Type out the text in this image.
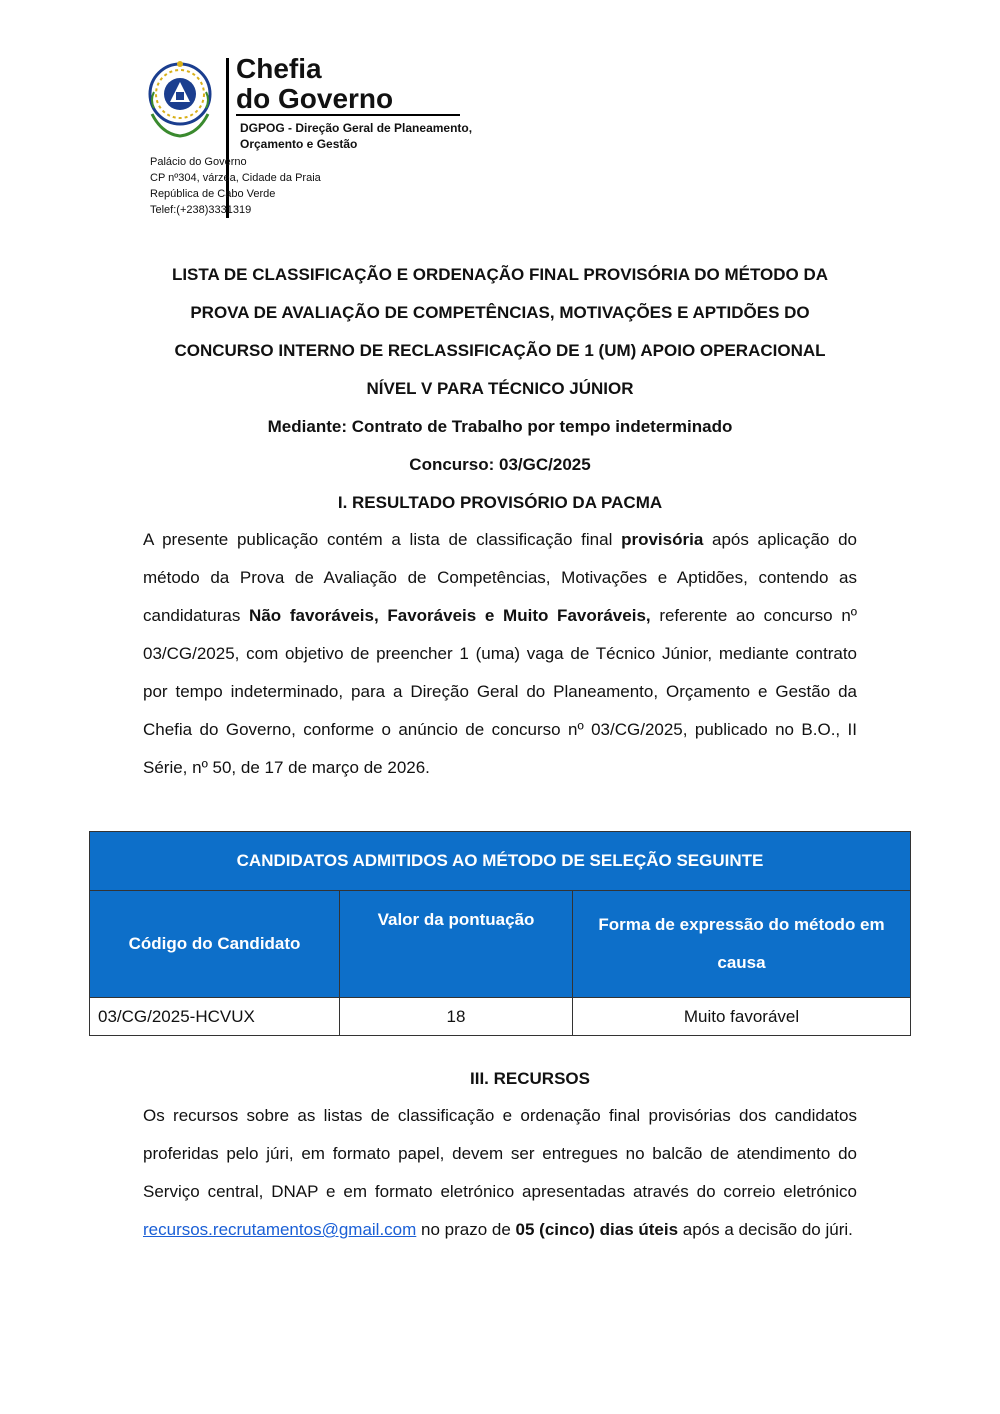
Chefia
do Governo
DGPOG - Direção Geral de Planeamento,
Orçamento e Gestão
Palácio do Governo
CP nº304, várzea, Cidade da Praia
República de Cabo Verde
Telef:(+238)3331319
LISTA DE CLASSIFICAÇÃO E ORDENAÇÃO FINAL PROVISÓRIA DO MÉTODO DA
PROVA DE AVALIAÇÃO DE COMPETÊNCIAS, MOTIVAÇÕES E APTIDÕES DO
CONCURSO INTERNO DE RECLASSIFICAÇÃO DE 1 (UM) APOIO OPERACIONAL
NÍVEL V PARA TÉCNICO JÚNIOR
Mediante: Contrato de Trabalho por tempo indeterminado
Concurso: 03/GC/2025
I. RESULTADO PROVISÓRIO DA PACMA
A presente publicação contém a lista de classificação final provisória após aplicação do método da Prova de Avaliação de Competências, Motivações e Aptidões, contendo as candidaturas Não favoráveis, Favoráveis e Muito Favoráveis, referente ao concurso nº 03/CG/2025, com objetivo de preencher 1 (uma) vaga de Técnico Júnior, mediante contrato por tempo indeterminado, para a Direção Geral do Planeamento, Orçamento e Gestão da Chefia do Governo, conforme o anúncio de concurso nº 03/CG/2025, publicado no B.O., II Série, nº 50, de 17 de março de 2026.
CANDIDATOS ADMITIDOS AO MÉTODO DE SELEÇÃO SEGUINTE		
Código do Candidato	Valor da pontuação	Forma de expressão do método em causa
03/CG/2025-HCVUX	18	Muito favorável
III. RECURSOS
Os recursos sobre as listas de classificação e ordenação final provisórias dos candidatos proferidas pelo júri, em formato papel, devem ser entregues no balcão de atendimento do Serviço central, DNAP e em formato eletrónico apresentadas através do correio eletrónico recursos.recrutamentos@gmail.com no prazo de 05 (cinco) dias úteis após a decisão do júri.
